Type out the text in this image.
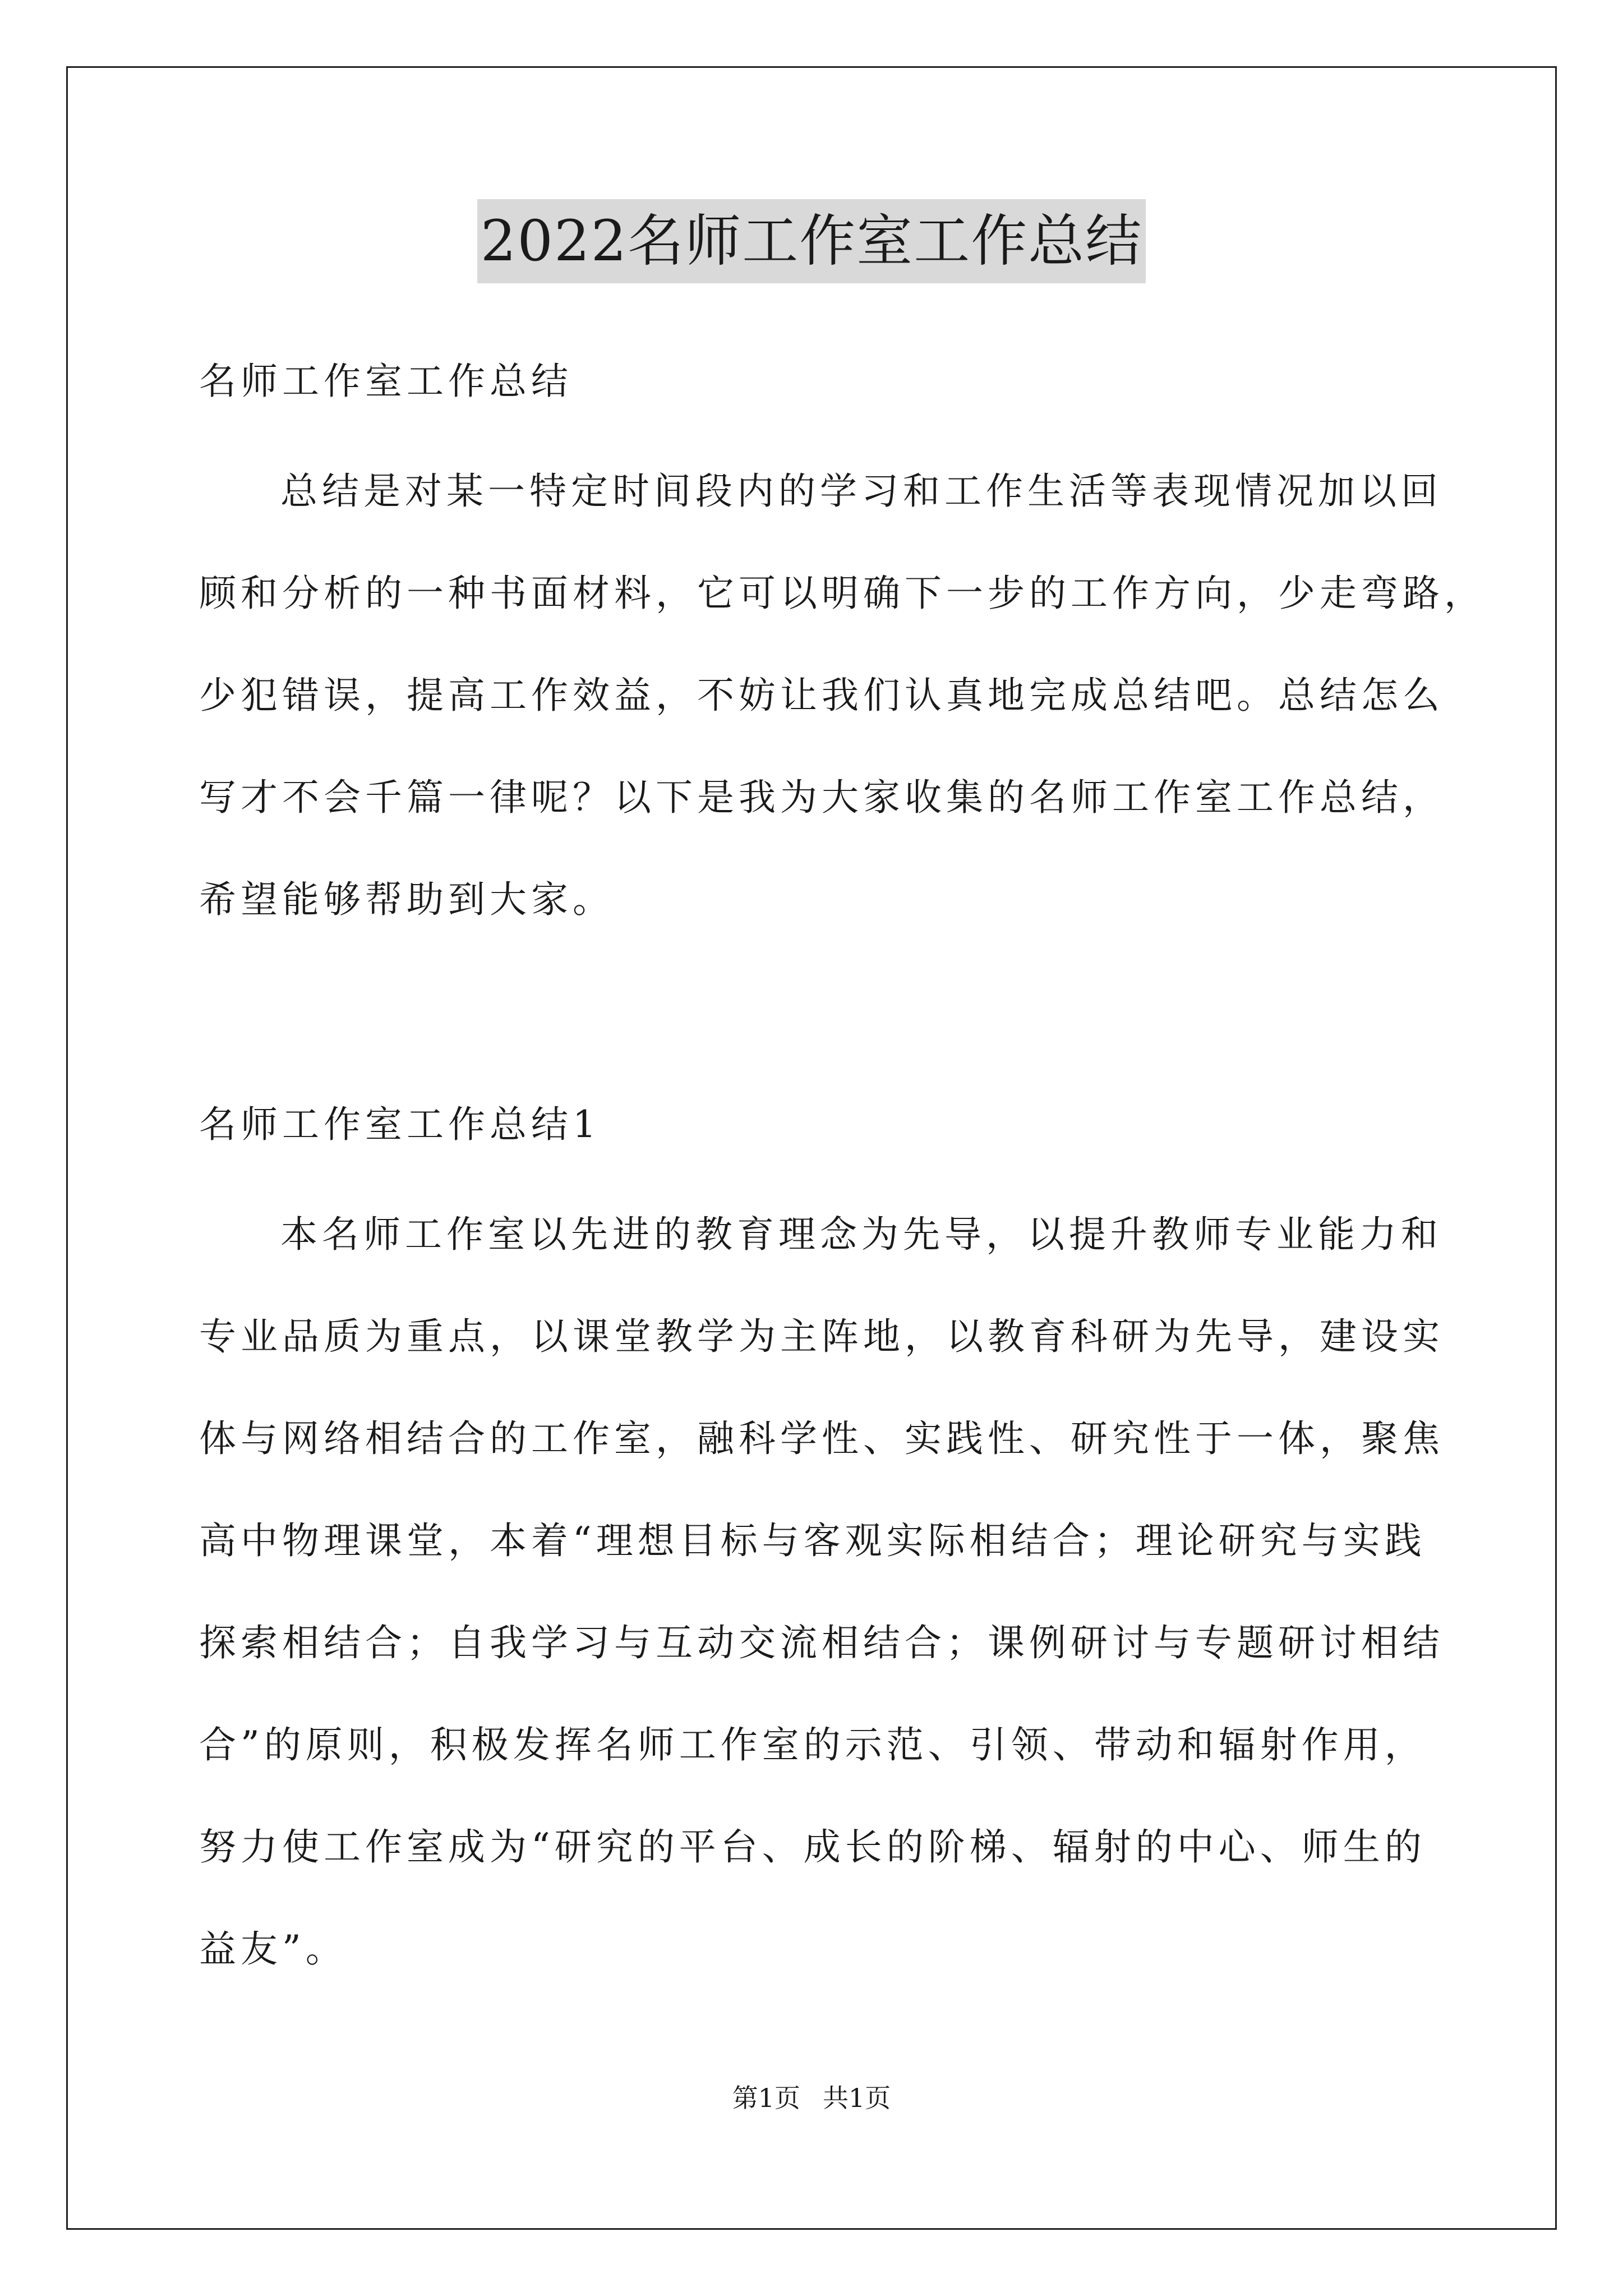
2022名师工作室工作总结
名师工作室工作总结
总结是对某一特定时间段内的学习和工作生活等表现情况加以回
顾和分析的一种书面材料，它可以明确下一步的工作方向，少走弯路，
少犯错误，提高工作效益，不妨让我们认真地完成总结吧。总结怎么
写才不会千篇一律呢？以下是我为大家收集的名师工作室工作总结，
希望能够帮助到大家。
名师工作室工作总结1
本名师工作室以先进的教育理念为先导，以提升教师专业能力和
专业品质为重点，以课堂教学为主阵地，以教育科研为先导，建设实
体与网络相结合的工作室，融科学性、实践性、研究性于一体，聚焦
高中物理课堂，本着“理想目标与客观实际相结合；理论研究与实践
探索相结合；自我学习与互动交流相结合；课例研讨与专题研讨相结
合”的原则，积极发挥名师工作室的示范、引领、带动和辐射作用，
努力使工作室成为“研究的平台、成长的阶梯、辐射的中心、师生的
益友”。
第1页 共1页
